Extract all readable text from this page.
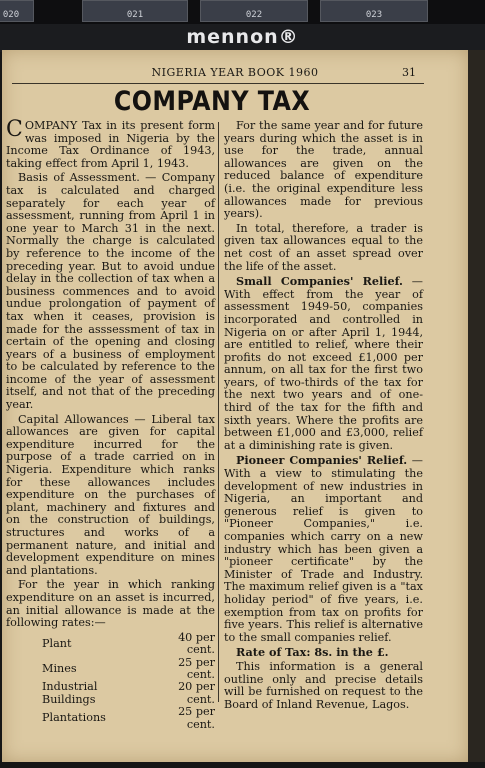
020	021	022	023
mennon®
NIGERIA YEAR BOOK 1960	31
COMPANY TAX

COMPANY Tax in its present form was imposed in Nigeria by the Income Tax Ordinance of 1943, taking effect from April 1, 1943.

Basis of Assessment. — Company tax is calculated and charged separately for each year of assessment, running from April 1 in one year to March 31 in the next. Normally the charge is calculated by reference to the income of the preceding year. But to avoid undue delay in the collection of tax when a business commences and to avoid undue prolongation of payment of tax when it ceases, provision is made for the asssessment of tax in certain of the opening and closing years of a business of employment to be calculated by reference to the income of the year of assessment itself, and not that of the preceding year.

Capital Allowances — Liberal tax allowances are given for capital expenditure incurred for the purpose of a trade carried on in Nigeria. Expenditure which ranks for these allowances includes expenditure on the purchases of plant, machinery and fixtures and on the construction of buildings, structures and works of a permanent nature, and initial and development expenditure on mines and plantations.

For the year in which ranking expenditure on an asset is incurred, an initial allowance is made at the following rates:—

Plant	40 per cent.
Mines	25 per cent.
Industrial Buildings	20 per cent.
Plantations	25 per cent.

For the same year and for future years during which the asset is in use for the trade, annual allowances are given on the reduced balance of expenditure (i.e. the original expenditure less allowances made for previous years).

In total, therefore, a trader is given tax allowances equal to the net cost of an asset spread over the life of the asset.

Small Companies' Relief. — With effect from the year of assessment 1949-50, companies incorporated and controlled in Nigeria on or after April 1, 1944, are entitled to relief, where their profits do not exceed £1,000 per annum, on all tax for the first two years, of two-thirds of the tax for the next two years and of one-third of the tax for the fifth and sixth years. Where the profits are between £1,000 and £3,000, relief at a diminishing rate is given.

Pioneer Companies' Relief. — With a view to stimulating the development of new industries in Nigeria, an important and generous relief is given to "Pioneer Companies," i.e. companies which carry on a new industry which has been given a "pioneer certificate" by the Minister of Trade and Industry. The maximum relief given is a "tax holiday period" of five years, i.e. exemption from tax on profits for five years. This relief is alternative to the small companies relief.

Rate of Tax: 8s. in the £.

This information is a general outline only and precise details will be furnished on request to the Board of Inland Revenue, Lagos.
